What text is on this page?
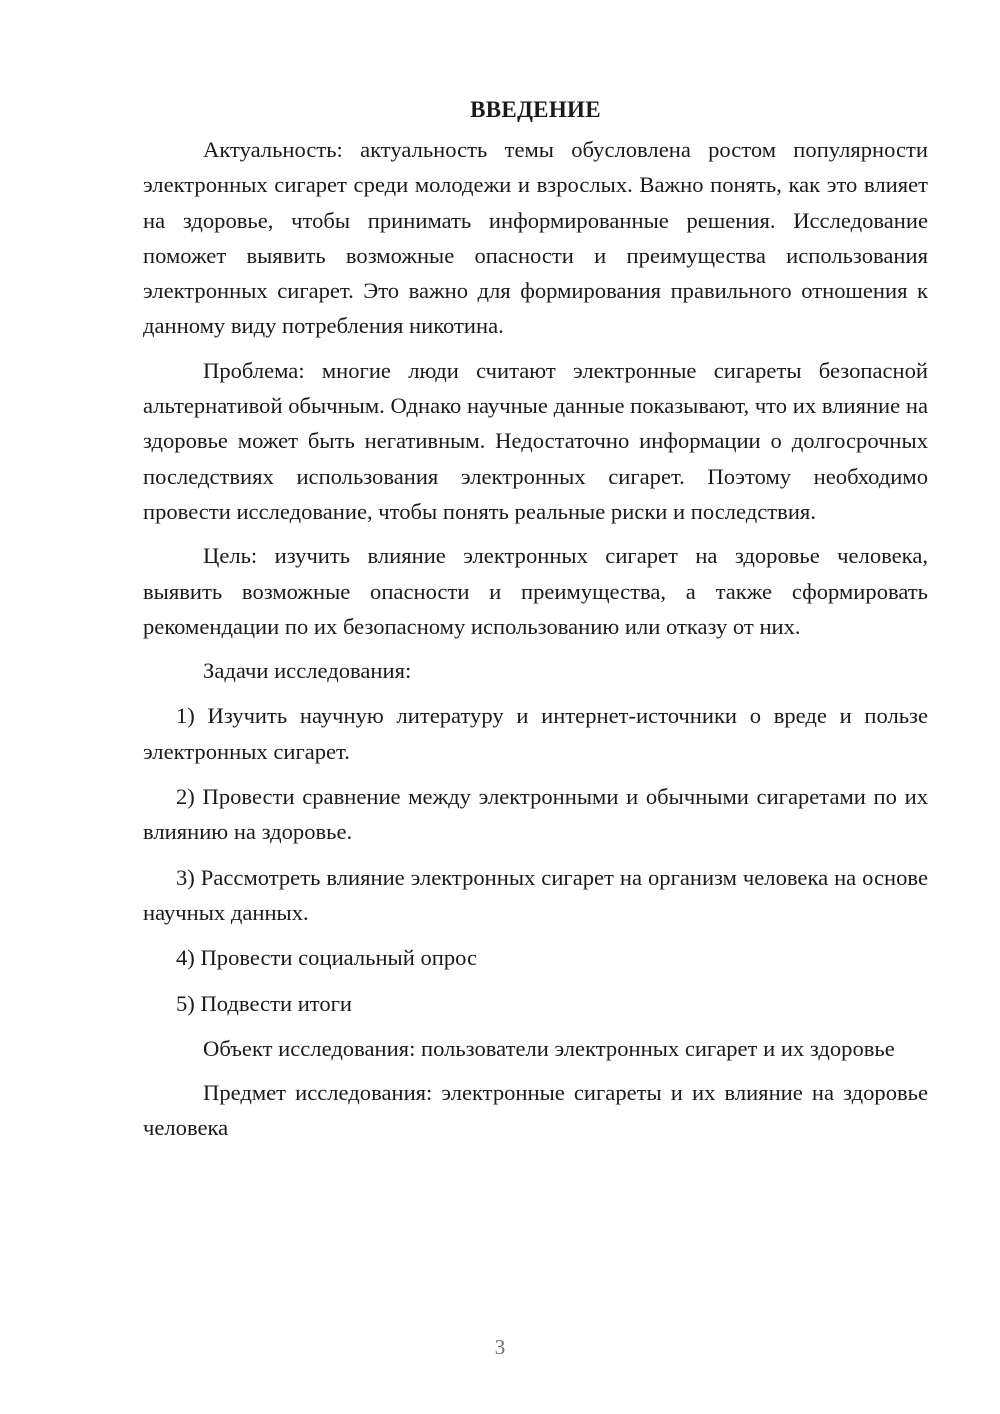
ВВЕДЕНИЕ

Актуальность: актуальность темы обусловлена ростом популярности электронных сигарет среди молодежи и взрослых. Важно понять, как это влияет на здоровье, чтобы принимать информированные решения. Исследование поможет выявить возможные опасности и преимущества использования электронных сигарет. Это важно для формирования правильного отношения к данному виду потребления никотина.

Проблема: многие люди считают электронные сигареты безопасной альтернативой обычным. Однако научные данные показывают, что их влияние на здоровье может быть негативным. Недостаточно информации о долгосрочных последствиях использования электронных сигарет. Поэтому необходимо провести исследование, чтобы понять реальные риски и последствия.

Цель: изучить влияние электронных сигарет на здоровье человека, выявить возможные опасности и преимущества, а также сформировать рекомендации по их безопасному использованию или отказу от них.

Задачи исследования:

1) Изучить научную литературу и интернет-источники о вреде и пользе электронных сигарет.

2) Провести сравнение между электронными и обычными сигаретами по их влиянию на здоровье.

3) Рассмотреть влияние электронных сигарет на организм человека на основе научных данных.

4) Провести социальный опрос

5) Подвести итоги

Объект исследования: пользователи электронных сигарет и их здоровье

Предмет исследования: электронные сигареты и их влияние на здоровье человека

3
